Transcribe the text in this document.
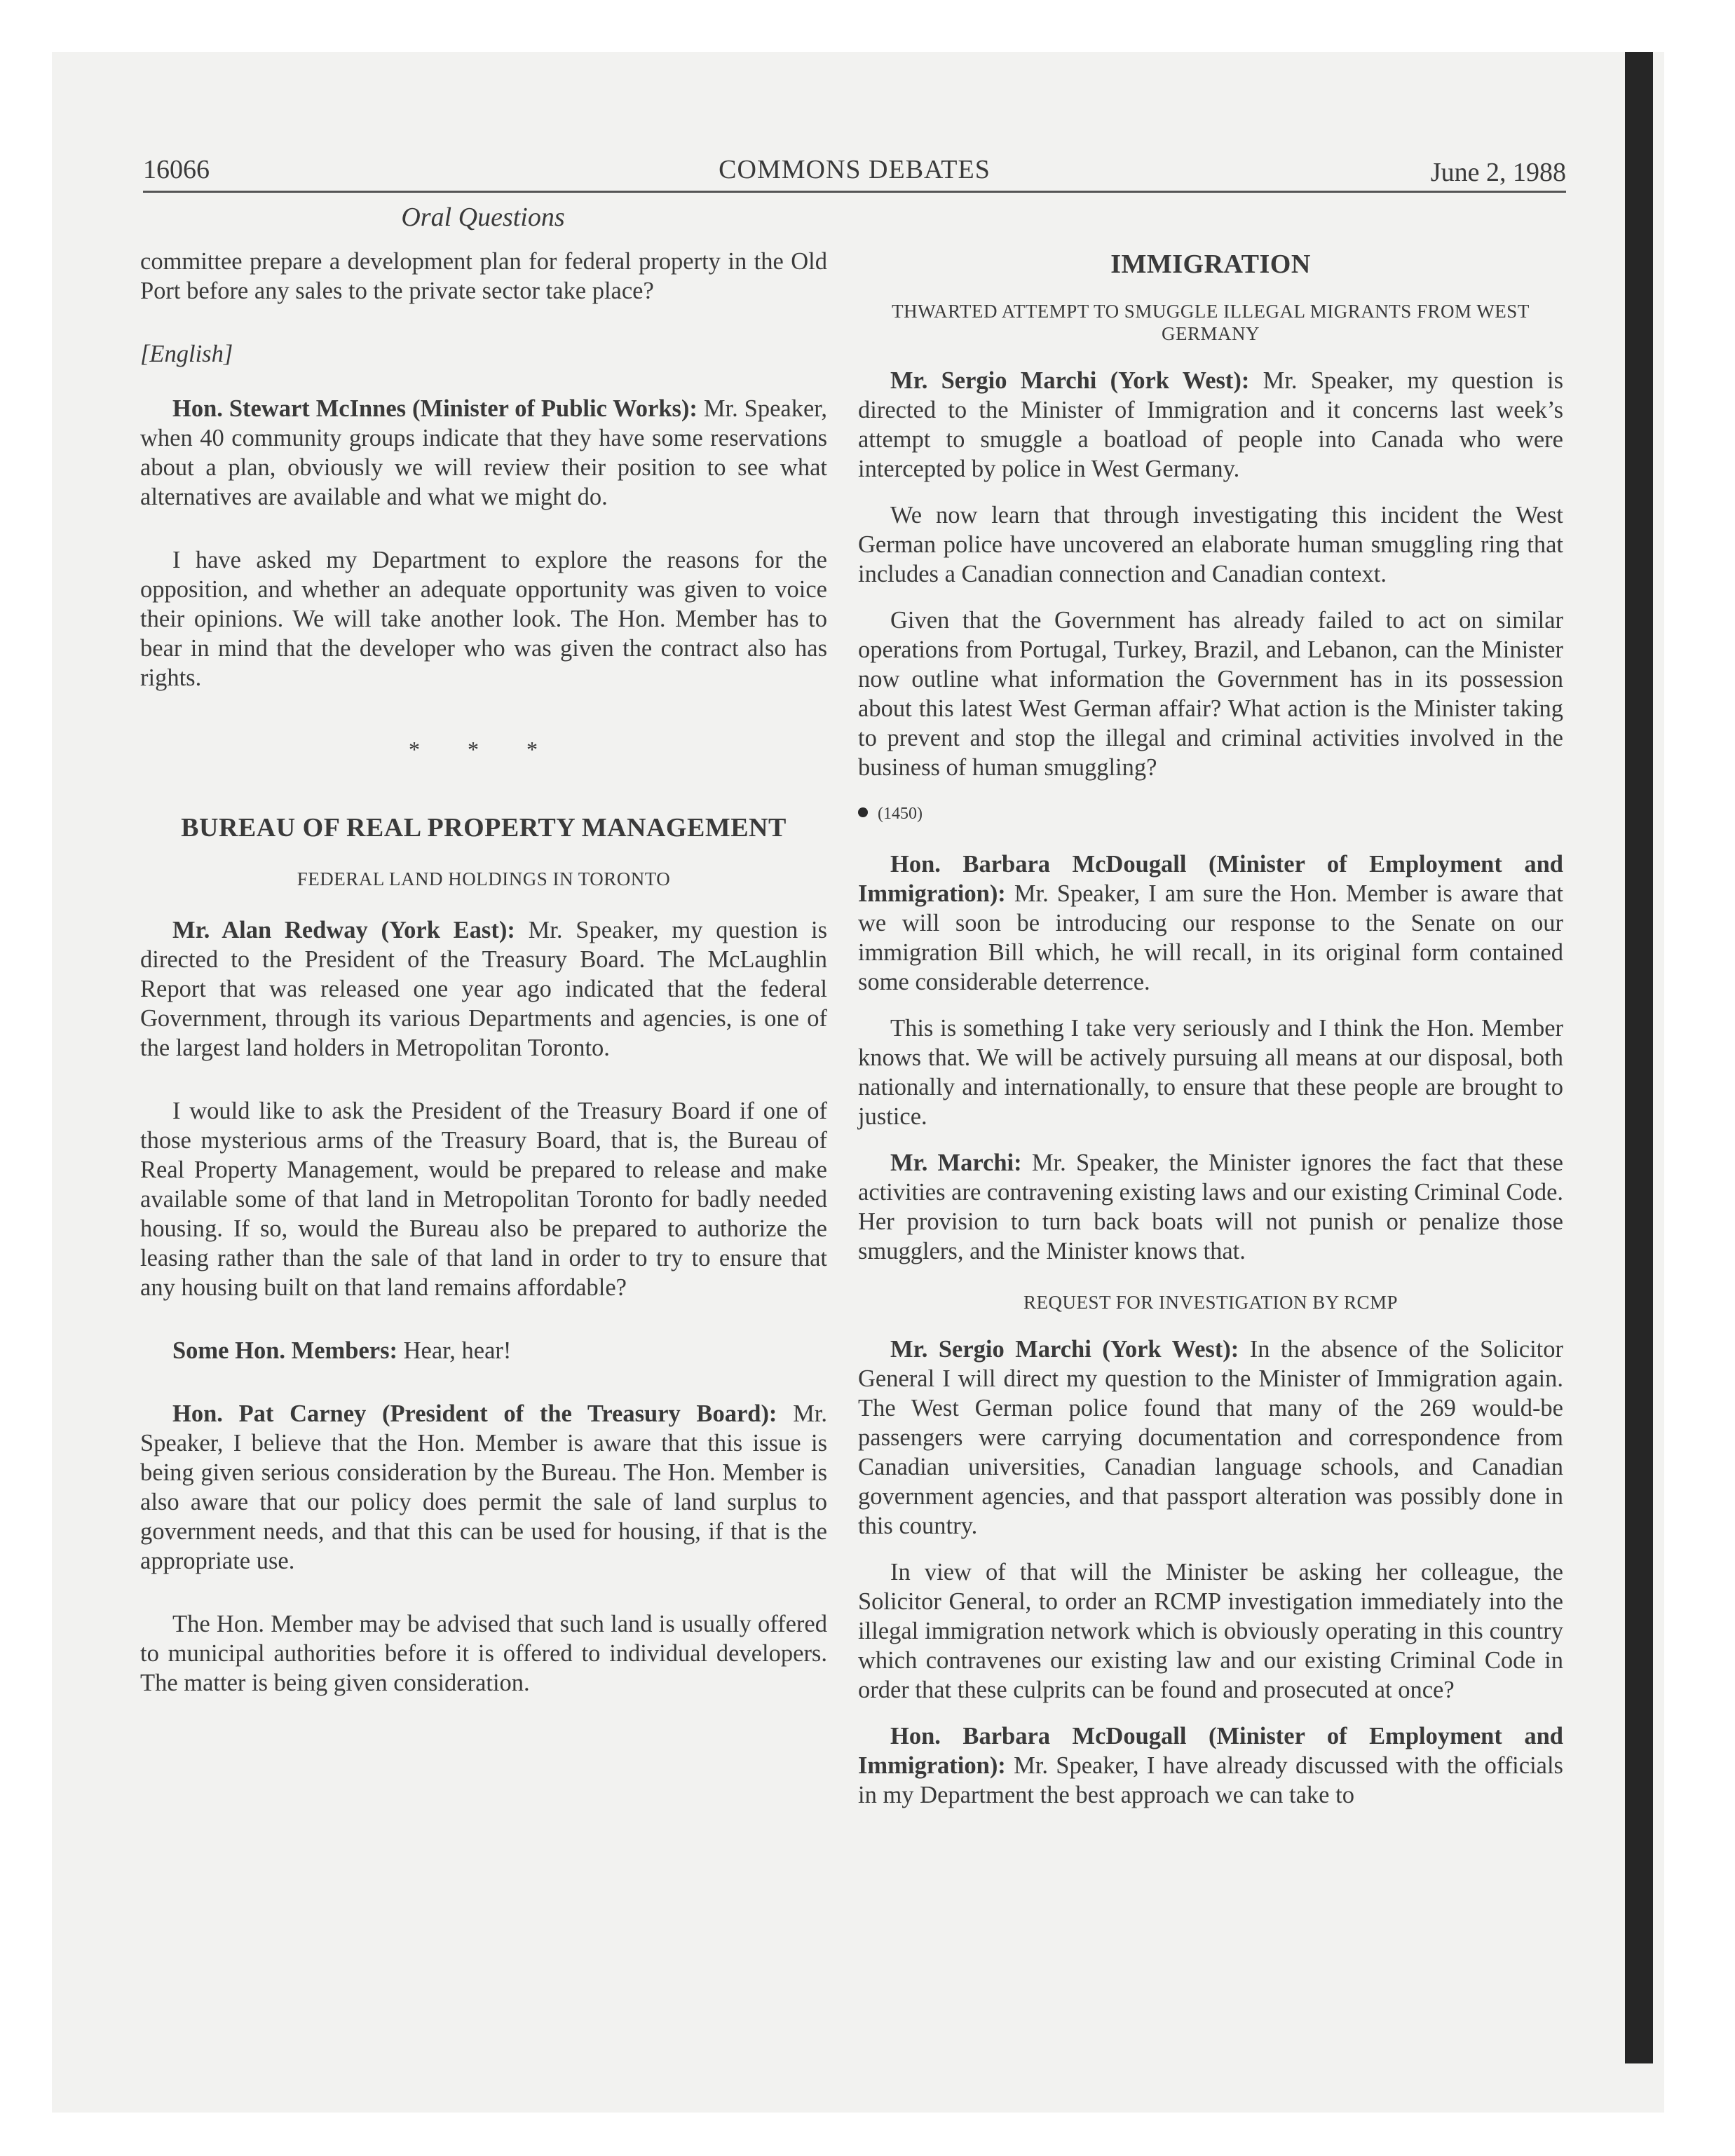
16066	COMMONS DEBATES	June 2, 1988
Oral Questions

committee prepare a development plan for federal property in the Old Port before any sales to the private sector take place?

[English]

Hon. Stewart McInnes (Minister of Public Works): Mr. Speaker, when 40 community groups indicate that they have some reservations about a plan, obviously we will review their position to see what alternatives are available and what we might do.

I have asked my Department to explore the reasons for the opposition, and whether an adequate opportunity was given to voice their opinions. We will take another look. The Hon. Member has to bear in mind that the developer who was given the contract also has rights.

* * *

BUREAU OF REAL PROPERTY MANAGEMENT

FEDERAL LAND HOLDINGS IN TORONTO

Mr. Alan Redway (York East): Mr. Speaker, my question is directed to the President of the Treasury Board. The McLaughlin Report that was released one year ago indicated that the federal Government, through its various Departments and agencies, is one of the largest land holders in Metropolitan Toronto.

I would like to ask the President of the Treasury Board if one of those mysterious arms of the Treasury Board, that is, the Bureau of Real Property Management, would be prepared to release and make available some of that land in Metropolitan Toronto for badly needed housing. If so, would the Bureau also be prepared to authorize the leasing rather than the sale of that land in order to try to ensure that any housing built on that land remains affordable?

Some Hon. Members: Hear, hear!

Hon. Pat Carney (President of the Treasury Board): Mr. Speaker, I believe that the Hon. Member is aware that this issue is being given serious consideration by the Bureau. The Hon. Member is also aware that our policy does permit the sale of land surplus to government needs, and that this can be used for housing, if that is the appropriate use.

The Hon. Member may be advised that such land is usually offered to municipal authorities before it is offered to individual developers. The matter is being given consideration.

IMMIGRATION

THWARTED ATTEMPT TO SMUGGLE ILLEGAL MIGRANTS FROM WEST GERMANY

Mr. Sergio Marchi (York West): Mr. Speaker, my question is directed to the Minister of Immigration and it concerns last week’s attempt to smuggle a boatload of people into Canada who were intercepted by police in West Germany.

We now learn that through investigating this incident the West German police have uncovered an elaborate human smuggling ring that includes a Canadian connection and Canadian context.

Given that the Government has already failed to act on similar operations from Portugal, Turkey, Brazil, and Lebanon, can the Minister now outline what information the Government has in its possession about this latest West German affair? What action is the Minister taking to prevent and stop the illegal and criminal activities involved in the business of human smuggling?

(1450)

Hon. Barbara McDougall (Minister of Employment and Immigration): Mr. Speaker, I am sure the Hon. Member is aware that we will soon be introducing our response to the Senate on our immigration Bill which, he will recall, in its original form contained some considerable deterrence.

This is something I take very seriously and I think the Hon. Member knows that. We will be actively pursuing all means at our disposal, both nationally and internationally, to ensure that these people are brought to justice.

Mr. Marchi: Mr. Speaker, the Minister ignores the fact that these activities are contravening existing laws and our existing Criminal Code. Her provision to turn back boats will not punish or penalize those smugglers, and the Minister knows that.

REQUEST FOR INVESTIGATION BY RCMP

Mr. Sergio Marchi (York West): In the absence of the Solicitor General I will direct my question to the Minister of Immigration again. The West German police found that many of the 269 would-be passengers were carrying documentation and correspondence from Canadian universities, Canadian language schools, and Canadian government agencies, and that passport alteration was possibly done in this country.

In view of that will the Minister be asking her colleague, the Solicitor General, to order an RCMP investigation immediately into the illegal immigration network which is obviously operating in this country which contravenes our existing law and our existing Criminal Code in order that these culprits can be found and prosecuted at once?

Hon. Barbara McDougall (Minister of Employment and Immigration): Mr. Speaker, I have already discussed with the officials in my Department the best approach we can take to
